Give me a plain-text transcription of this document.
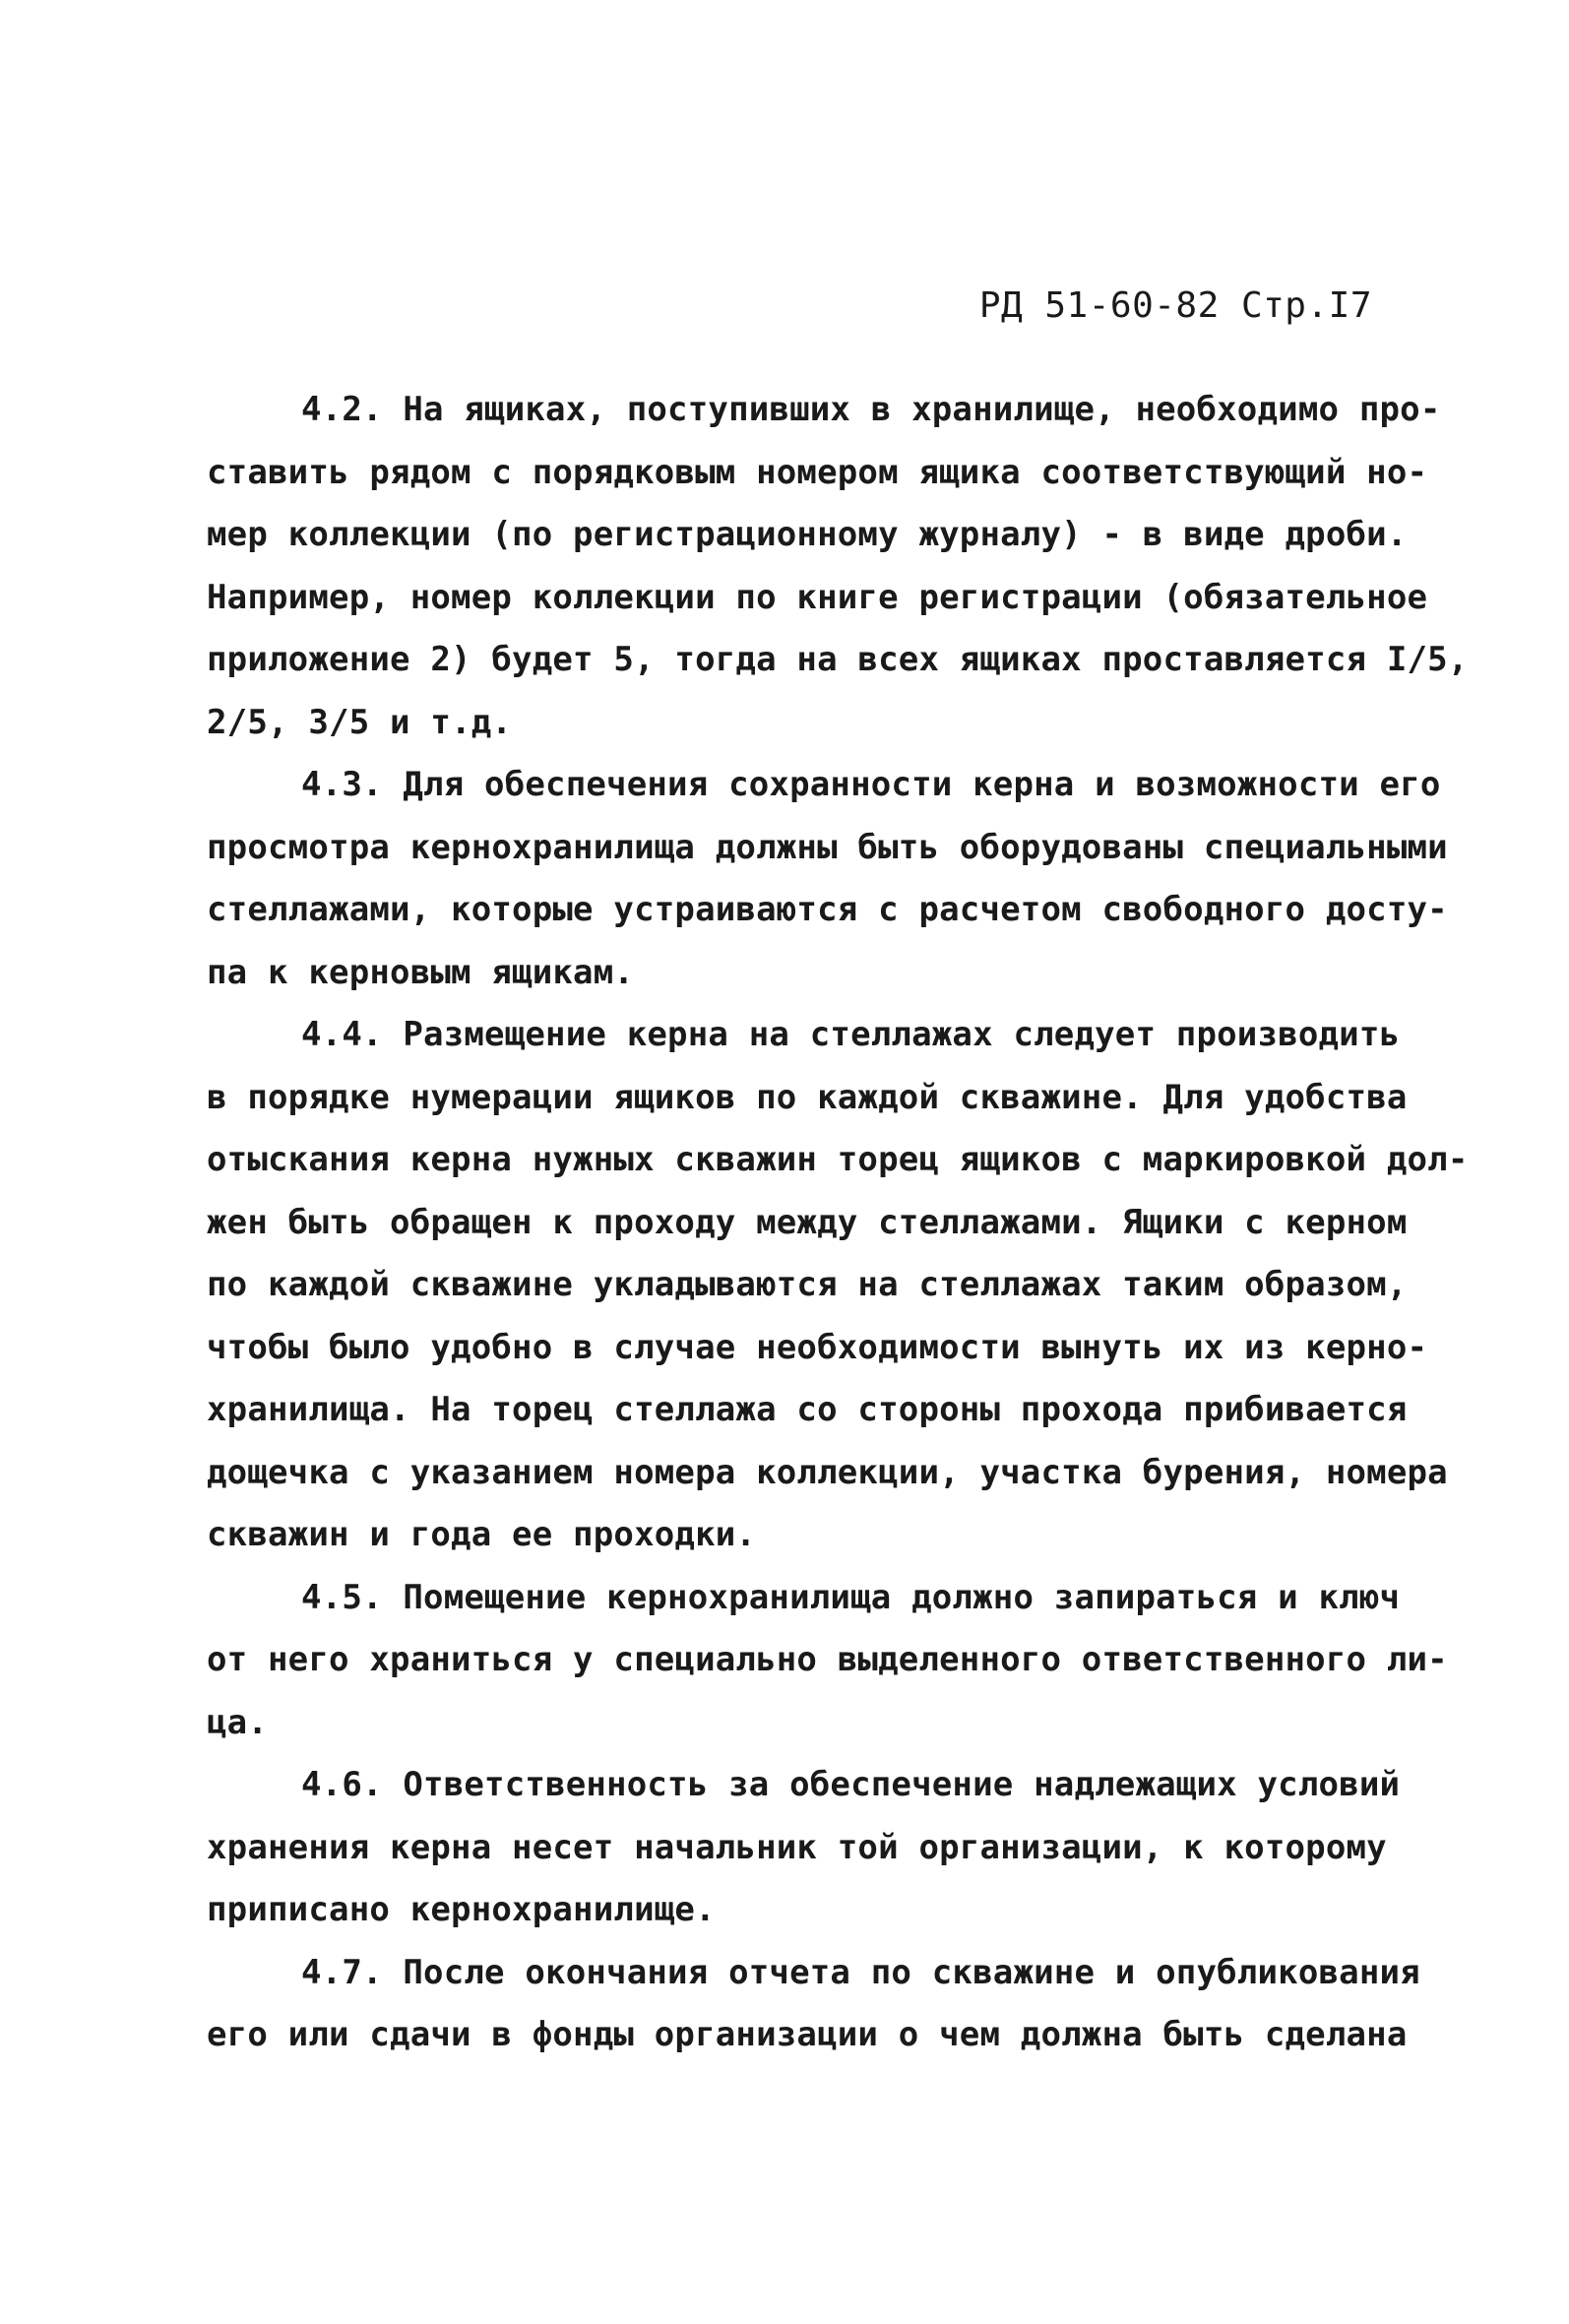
РД 51-60-82 Стр.I7
4.2. На ящиках, поступивших в хранилище, необходимо про-
ставить рядом с порядковым номером ящика соответствующий но-
мер коллекции (по регистрационному журналу) - в виде дроби.
Например, номер коллекции по книге регистрации (обязательное
приложение 2) будет 5, тогда на всех ящиках проставляется I/5,
2/5, 3/5 и т.д.
4.3. Для обеспечения сохранности керна и возможности его
просмотра кернохранилища должны быть оборудованы специальными
стеллажами, которые устраиваются с расчетом свободного досту-
па к керновым ящикам.
4.4. Размещение керна на стеллажах следует производить
в порядке нумерации ящиков по каждой скважине. Для удобства
отыскания керна нужных скважин торец ящиков с маркировкой дол-
жен быть обращен к проходу между стеллажами. Ящики с керном
по каждой скважине укладываются на стеллажах таким образом,
чтобы было удобно в случае необходимости вынуть их из керно-
хранилища. На торец стеллажа со стороны прохода прибивается
дощечка с указанием номера коллекции, участка бурения, номера
скважин и года ее проходки.
4.5. Помещение кернохранилища должно запираться и ключ
от него храниться у специально выделенного ответственного ли-
ца.
4.6. Ответственность за обеспечение надлежащих условий
хранения керна несет начальник той организации, к которому
приписано кернохранилище.
4.7. После окончания отчета по скважине и опубликования
его или сдачи в фонды организации о чем должна быть сделана
